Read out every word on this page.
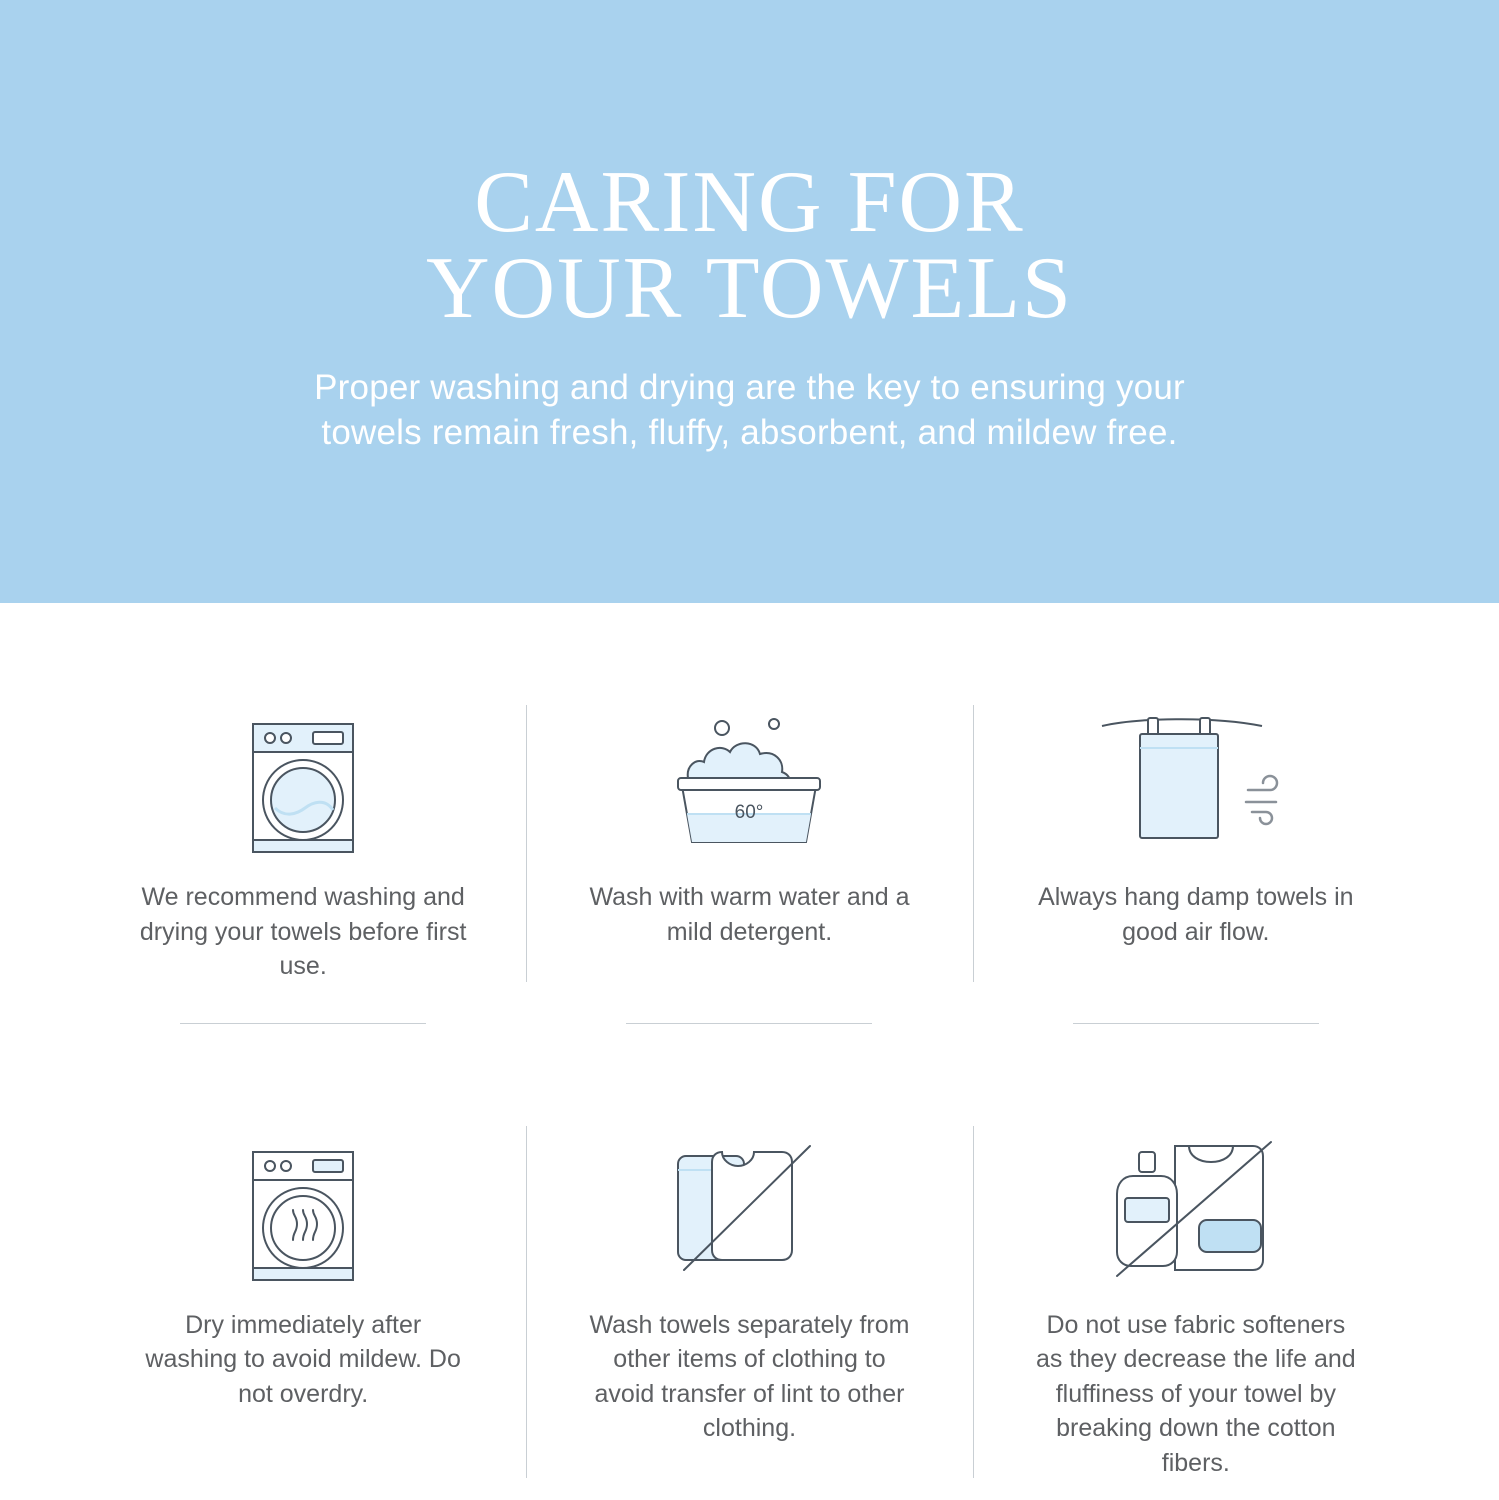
CARING FOR
YOUR TOWELS

Proper washing and drying are the key to ensuring your towels remain fresh, fluffy, absorbent, and mildew free.

We recommend washing and drying your towels before first use.

60°

Wash with warm water and a mild detergent.

Always hang damp towels in good air flow.

Dry immediately after washing to avoid mildew. Do not overdry.

Wash towels separately from other items of clothing to avoid transfer of lint to other clothing.

Do not use fabric softeners as they decrease the life and fluffiness of your towel by breaking down the cotton fibers.
